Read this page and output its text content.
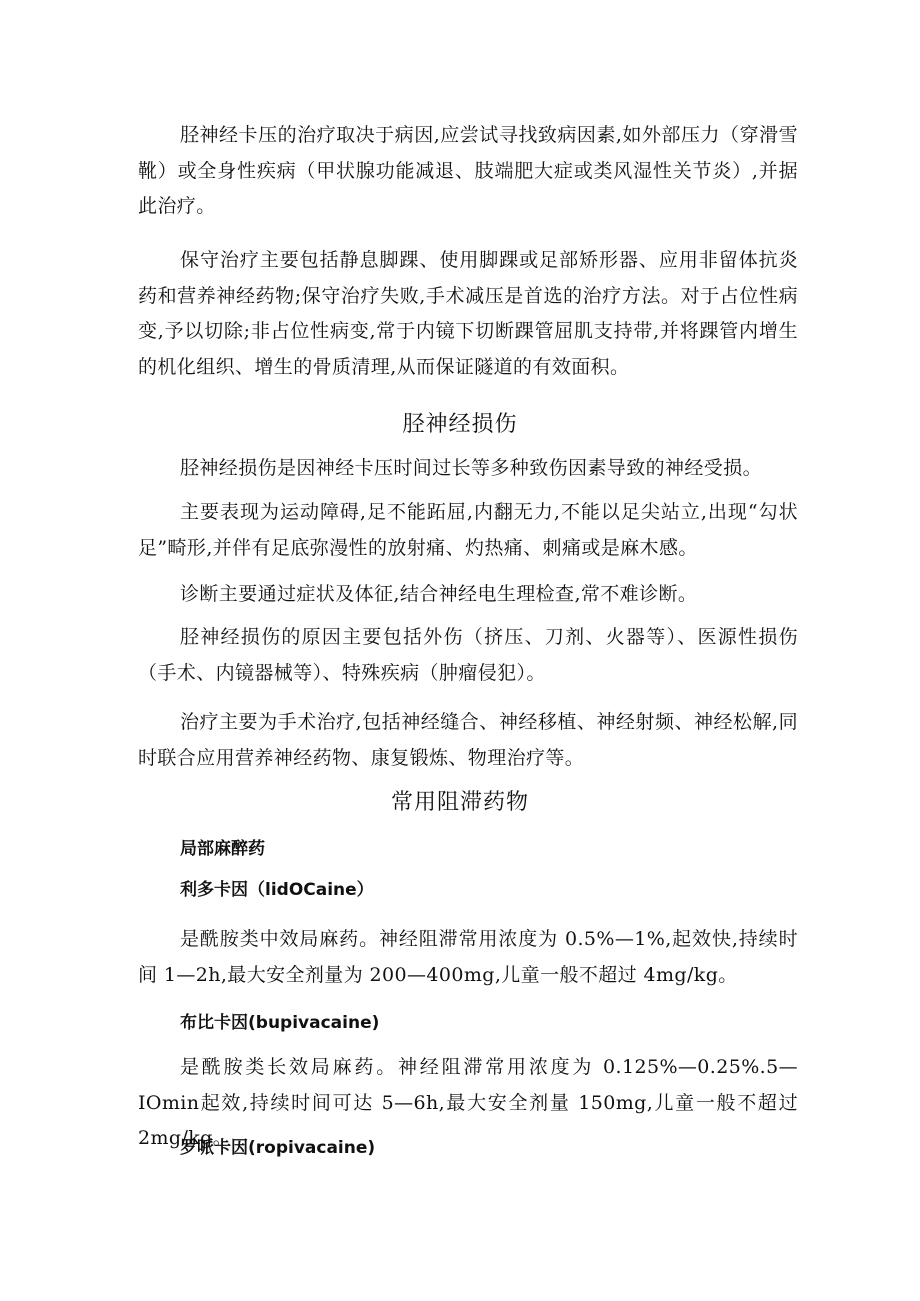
胫神经卡压的治疗取决于病因,应尝试寻找致病因素,如外部压力（穿滑雪靴）或全身性疾病（甲状腺功能减退、肢端肥大症或类风湿性关节炎）,并据此治疗。

保守治疗主要包括静息脚踝、使用脚踝或足部矫形器、应用非留体抗炎药和营养神经药物;保守治疗失败,手术减压是首选的治疗方法。对于占位性病变,予以切除;非占位性病变,常于内镜下切断踝管屈肌支持带,并将踝管内增生的机化组织、增生的骨质清理,从而保证隧道的有效面积。

胫神经损伤

胫神经损伤是因神经卡压时间过长等多种致伤因素导致的神经受损。

主要表现为运动障碍,足不能跖屈,内翻无力,不能以足尖站立,出现“勾状足”畸形,并伴有足底弥漫性的放射痛、灼热痛、刺痛或是麻木感。

诊断主要通过症状及体征,结合神经电生理检查,常不难诊断。

胫神经损伤的原因主要包括外伤（挤压、刀剂、火器等）、医源性损伤（手术、内镜器械等）、特殊疾病（肿瘤侵犯）。

治疗主要为手术治疗,包括神经缝合、神经移植、神经射频、神经松解,同时联合应用营养神经药物、康复锻炼、物理治疗等。

常用阻滞药物
局部麻醉药
利多卡因（lidOCaine）

是酰胺类中效局麻药。神经阻滞常用浓度为 0.5%—1%,起效快,持续时间 1—2h,最大安全剂量为 200—400mg,儿童一般不超过 4mg∕kg。

布比卡因(bupivacaine)

是酰胺类长效局麻药。神经阻滞常用浓度为 0.125%—0.25%.5—IOmin起效,持续时间可达 5—6h,最大安全剂量 150mg,儿童一般不超过 2mg∕kg。

罗哌卡因(ropivacaine)
